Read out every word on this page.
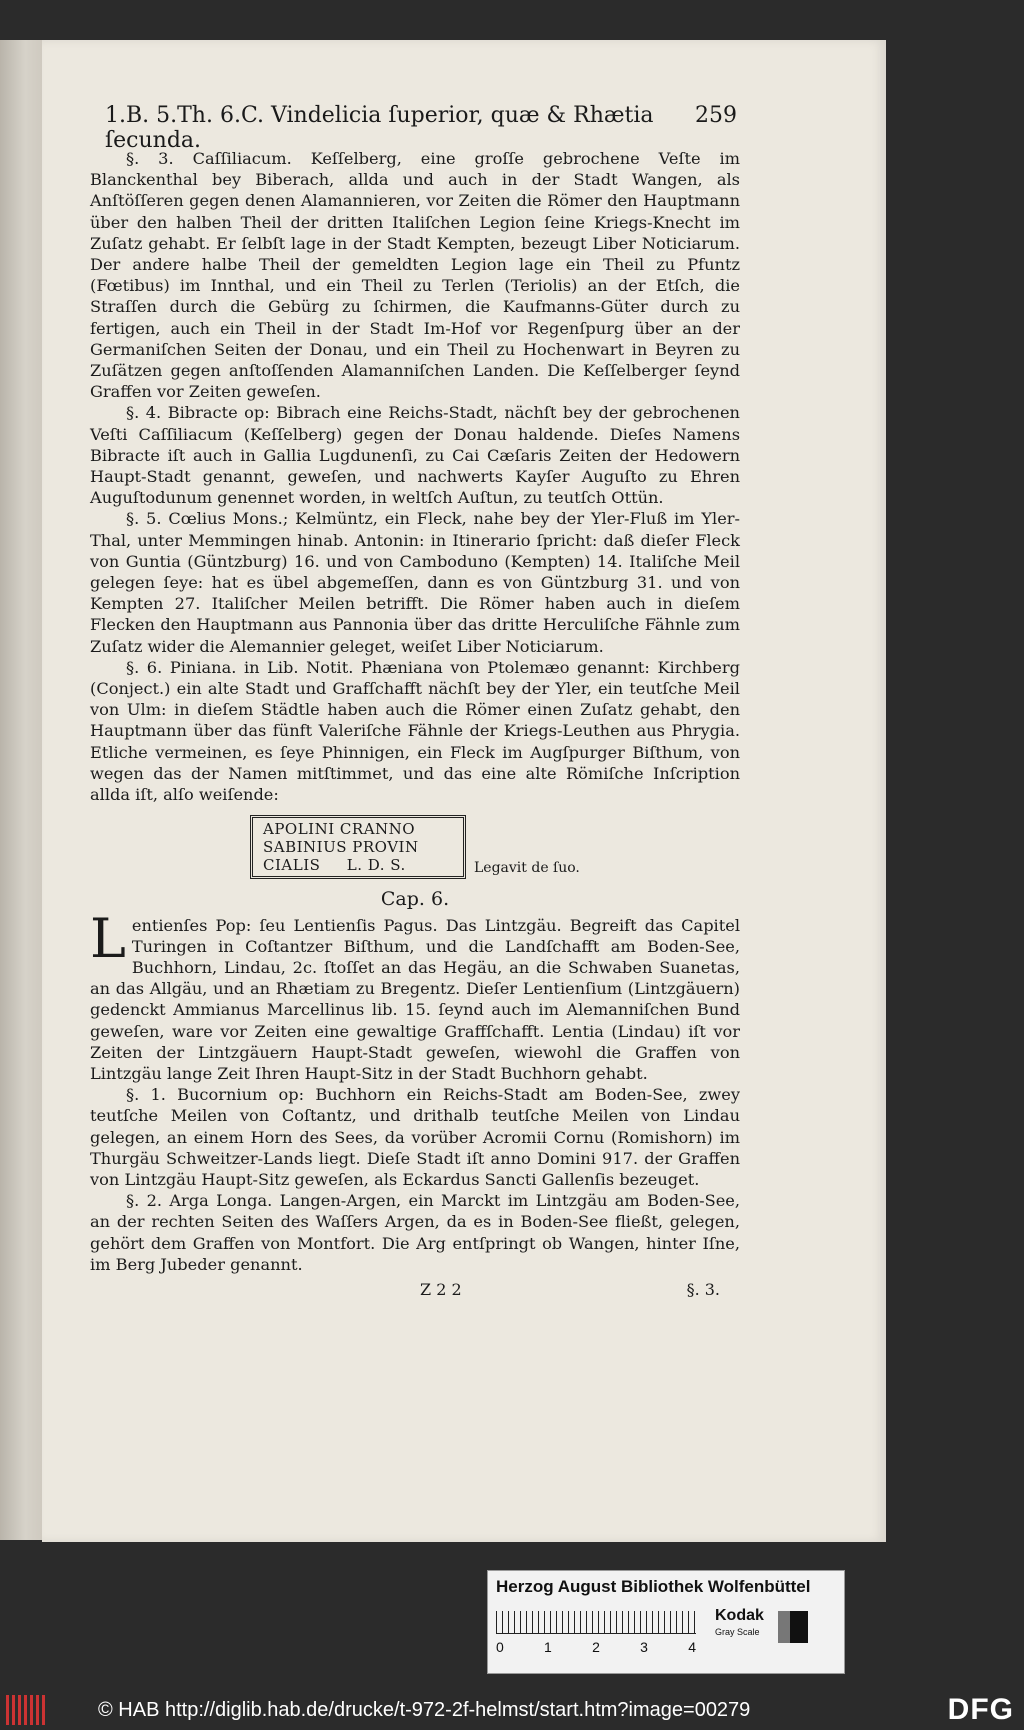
1.B. 5.Th. 6.C. Vindelicia ſuperior, quæ & Rhætia ſecunda.
259

§. 3. Caſſiliacum. Keſſelberg, eine groſſe gebrochene Veſte im Blanckenthal bey Biberach, allda und auch in der Stadt Wangen, als Anſtöſſeren gegen denen Alamannieren, vor Zeiten die Römer den Hauptmann über den halben Theil der dritten Italiſchen Legion ſeine Kriegs-Knecht im Zuſatz gehabt. Er ſelbſt lage in der Stadt Kempten, bezeugt Liber Noticiarum. Der andere halbe Theil der gemeldten Legion lage ein Theil zu Pfuntz (Fœtibus) im Innthal, und ein Theil zu Terlen (Teriolis) an der Etſch, die Straſſen durch die Gebürg zu ſchirmen, die Kaufmanns-Güter durch zu fertigen, auch ein Theil in der Stadt Im-Hof vor Regenſpurg über an der Germaniſchen Seiten der Donau, und ein Theil zu Hochenwart in Beyren zu Zuſätzen gegen anſtoſſenden Alamanniſchen Landen. Die Keſſelberger ſeynd Graffen vor Zeiten geweſen.

§. 4. Bibracte op: Bibrach eine Reichs-Stadt, nächſt bey der gebrochenen Veſti Caſſiliacum (Keſſelberg) gegen der Donau haldende. Dieſes Namens Bibracte iſt auch in Gallia Lugdunenſi, zu Cai Cæſaris Zeiten der Hedowern Haupt-Stadt genannt, geweſen, und nachwerts Kayſer Auguſto zu Ehren Auguſtodunum genennet worden, in weltſch Auſtun, zu teutſch Ottün.

§. 5. Cœlius Mons.; Kelmüntz, ein Fleck, nahe bey der Yler-Fluß im Yler-Thal, unter Memmingen hinab. Antonin: in Itinerario ſpricht: daß dieſer Fleck von Guntia (Güntzburg) 16. und von Camboduno (Kempten) 14. Italiſche Meil gelegen ſeye: hat es übel abgemeſſen, dann es von Güntzburg 31. und von Kempten 27. Italiſcher Meilen betrifft. Die Römer haben auch in dieſem Flecken den Hauptmann aus Pannonia über das dritte Herculiſche Fähnle zum Zuſatz wider die Alemannier geleget, weiſet Liber Noticiarum.

§. 6. Piniana. in Lib. Notit. Phæniana von Ptolemæo genannt: Kirchberg (Conject.) ein alte Stadt und Grafſchafft nächſt bey der Yler, ein teutſche Meil von Ulm: in dieſem Städtle haben auch die Römer einen Zuſatz gehabt, den Hauptmann über das fünft Valeriſche Fähnle der Kriegs-Leuthen aus Phrygia. Etliche vermeinen, es ſeye Phinnigen, ein Fleck im Augſpurger Biſthum, von wegen das der Namen mitſtimmet, und das eine alte Römiſche Inſcription allda iſt, alſo weiſende:

APOLINI CRANNO
SABINIUS PROVIN
CIALIS     L. D. S.	Legavit de ſuo.
Cap. 6.

L entienſes Pop: ſeu Lentienſis Pagus. Das Lintzgäu. Begreift das Capitel Turingen in Coſtantzer Biſthum, und die Landſchafft am Boden-See, Buchhorn, Lindau, 2c. ſtoſſet an das Hegäu, an die Schwaben Suanetas, an das Allgäu, und an Rhætiam zu Bregentz. Dieſer Lentienſium (Lintzgäuern) gedenckt Ammianus Marcellinus lib. 15. ſeynd auch im Alemanniſchen Bund geweſen, ware vor Zeiten eine gewaltige Graffſchafft. Lentia (Lindau) iſt vor Zeiten der Lintzgäuern Haupt-Stadt geweſen, wiewohl die Graffen von Lintzgäu lange Zeit Ihren Haupt-Sitz in der Stadt Buchhorn gehabt.

§. 1. Bucornium op: Buchhorn ein Reichs-Stadt am Boden-See, zwey teutſche Meilen von Coſtantz, und drithalb teutſche Meilen von Lindau gelegen, an einem Horn des Sees, da vorüber Acromii Cornu (Romishorn) im Thurgäu Schweitzer-Lands liegt. Dieſe Stadt iſt anno Domini 917. der Graffen von Lintzgäu Haupt-Sitz geweſen, als Eckardus Sancti Gallenſis bezeuget.

§. 2. Arga Longa. Langen-Argen, ein Marckt im Lintzgäu am Boden-See, an der rechten Seiten des Waſſers Argen, da es in Boden-See fließt, gelegen, gehört dem Graffen von Montfort. Die Arg entſpringt ob Wangen, hinter Iſne, im Berg Jubeder genannt.

Z 2 2	§. 3.
Herzog August Bibliothek Wolfenbüttel
0	1	2	3	4
Kodak
Gray Scale
© HAB http://diglib.hab.de/drucke/t-972-2f-helmst/start.htm?image=00279	DFG
